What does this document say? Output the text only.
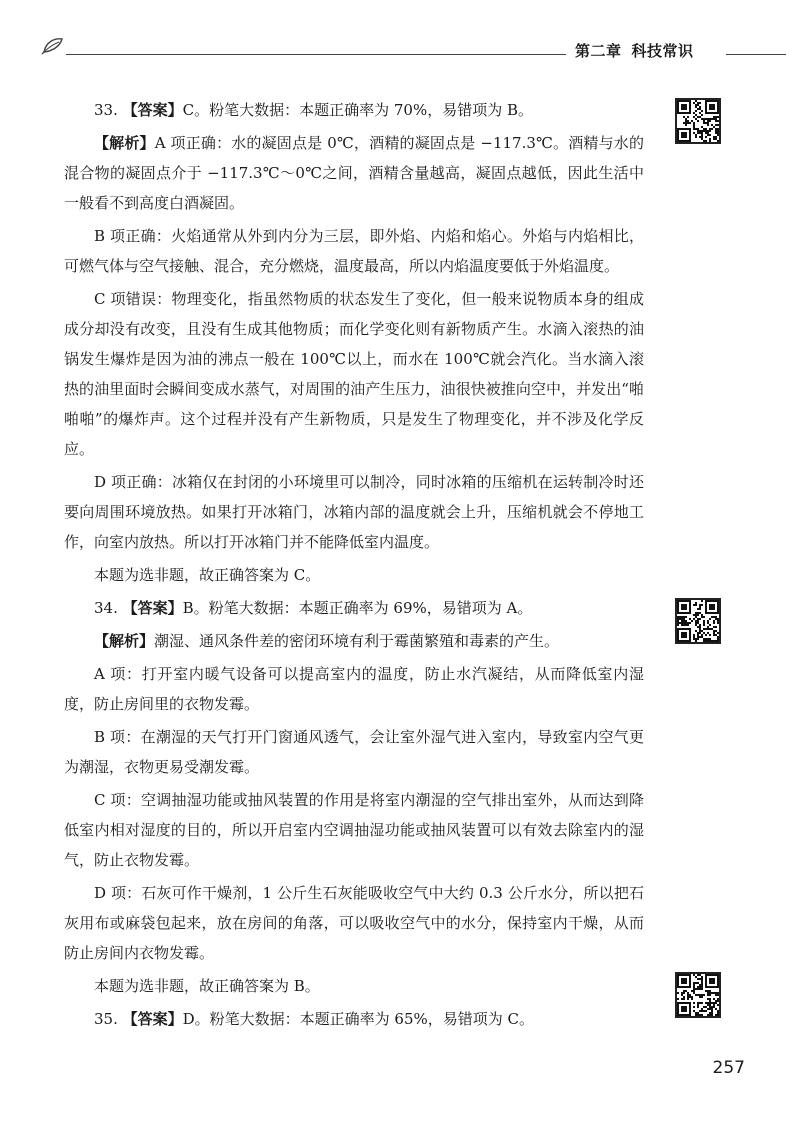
第二章 科技常识

33. 【答案】C。粉笔大数据：本题正确率为 70%，易错项为 B。

【解析】A 项正确：水的凝固点是 0℃，酒精的凝固点是 −117.3℃。酒精与水的混合物的凝固点介于 −117.3℃～0℃之间，酒精含量越高，凝固点越低，因此生活中一般看不到高度白酒凝固。

B 项正确：火焰通常从外到内分为三层，即外焰、内焰和焰心。外焰与内焰相比，可燃气体与空气接触、混合，充分燃烧，温度最高，所以内焰温度要低于外焰温度。

C 项错误：物理变化，指虽然物质的状态发生了变化，但一般来说物质本身的组成成分却没有改变，且没有生成其他物质；而化学变化则有新物质产生。水滴入滚热的油锅发生爆炸是因为油的沸点一般在 100℃以上，而水在 100℃就会汽化。当水滴入滚热的油里面时会瞬间变成水蒸气，对周围的油产生压力，油很快被推向空中，并发出“啪啪啪”的爆炸声。这个过程并没有产生新物质，只是发生了物理变化，并不涉及化学反应。

D 项正确：冰箱仅在封闭的小环境里可以制冷，同时冰箱的压缩机在运转制冷时还要向周围环境放热。如果打开冰箱门，冰箱内部的温度就会上升，压缩机就会不停地工作，向室内放热。所以打开冰箱门并不能降低室内温度。

本题为选非题，故正确答案为 C。

34. 【答案】B。粉笔大数据：本题正确率为 69%，易错项为 A。

【解析】潮湿、通风条件差的密闭环境有利于霉菌繁殖和毒素的产生。

A 项：打开室内暖气设备可以提高室内的温度，防止水汽凝结，从而降低室内湿度，防止房间里的衣物发霉。

B 项：在潮湿的天气打开门窗通风透气，会让室外湿气进入室内，导致室内空气更为潮湿，衣物更易受潮发霉。

C 项：空调抽湿功能或抽风装置的作用是将室内潮湿的空气排出室外，从而达到降低室内相对湿度的目的，所以开启室内空调抽湿功能或抽风装置可以有效去除室内的湿气，防止衣物发霉。

D 项：石灰可作干燥剂，1 公斤生石灰能吸收空气中大约 0.3 公斤水分，所以把石灰用布或麻袋包起来，放在房间的角落，可以吸收空气中的水分，保持室内干燥，从而防止房间内衣物发霉。

本题为选非题，故正确答案为 B。

35. 【答案】D。粉笔大数据：本题正确率为 65%，易错项为 C。

257
